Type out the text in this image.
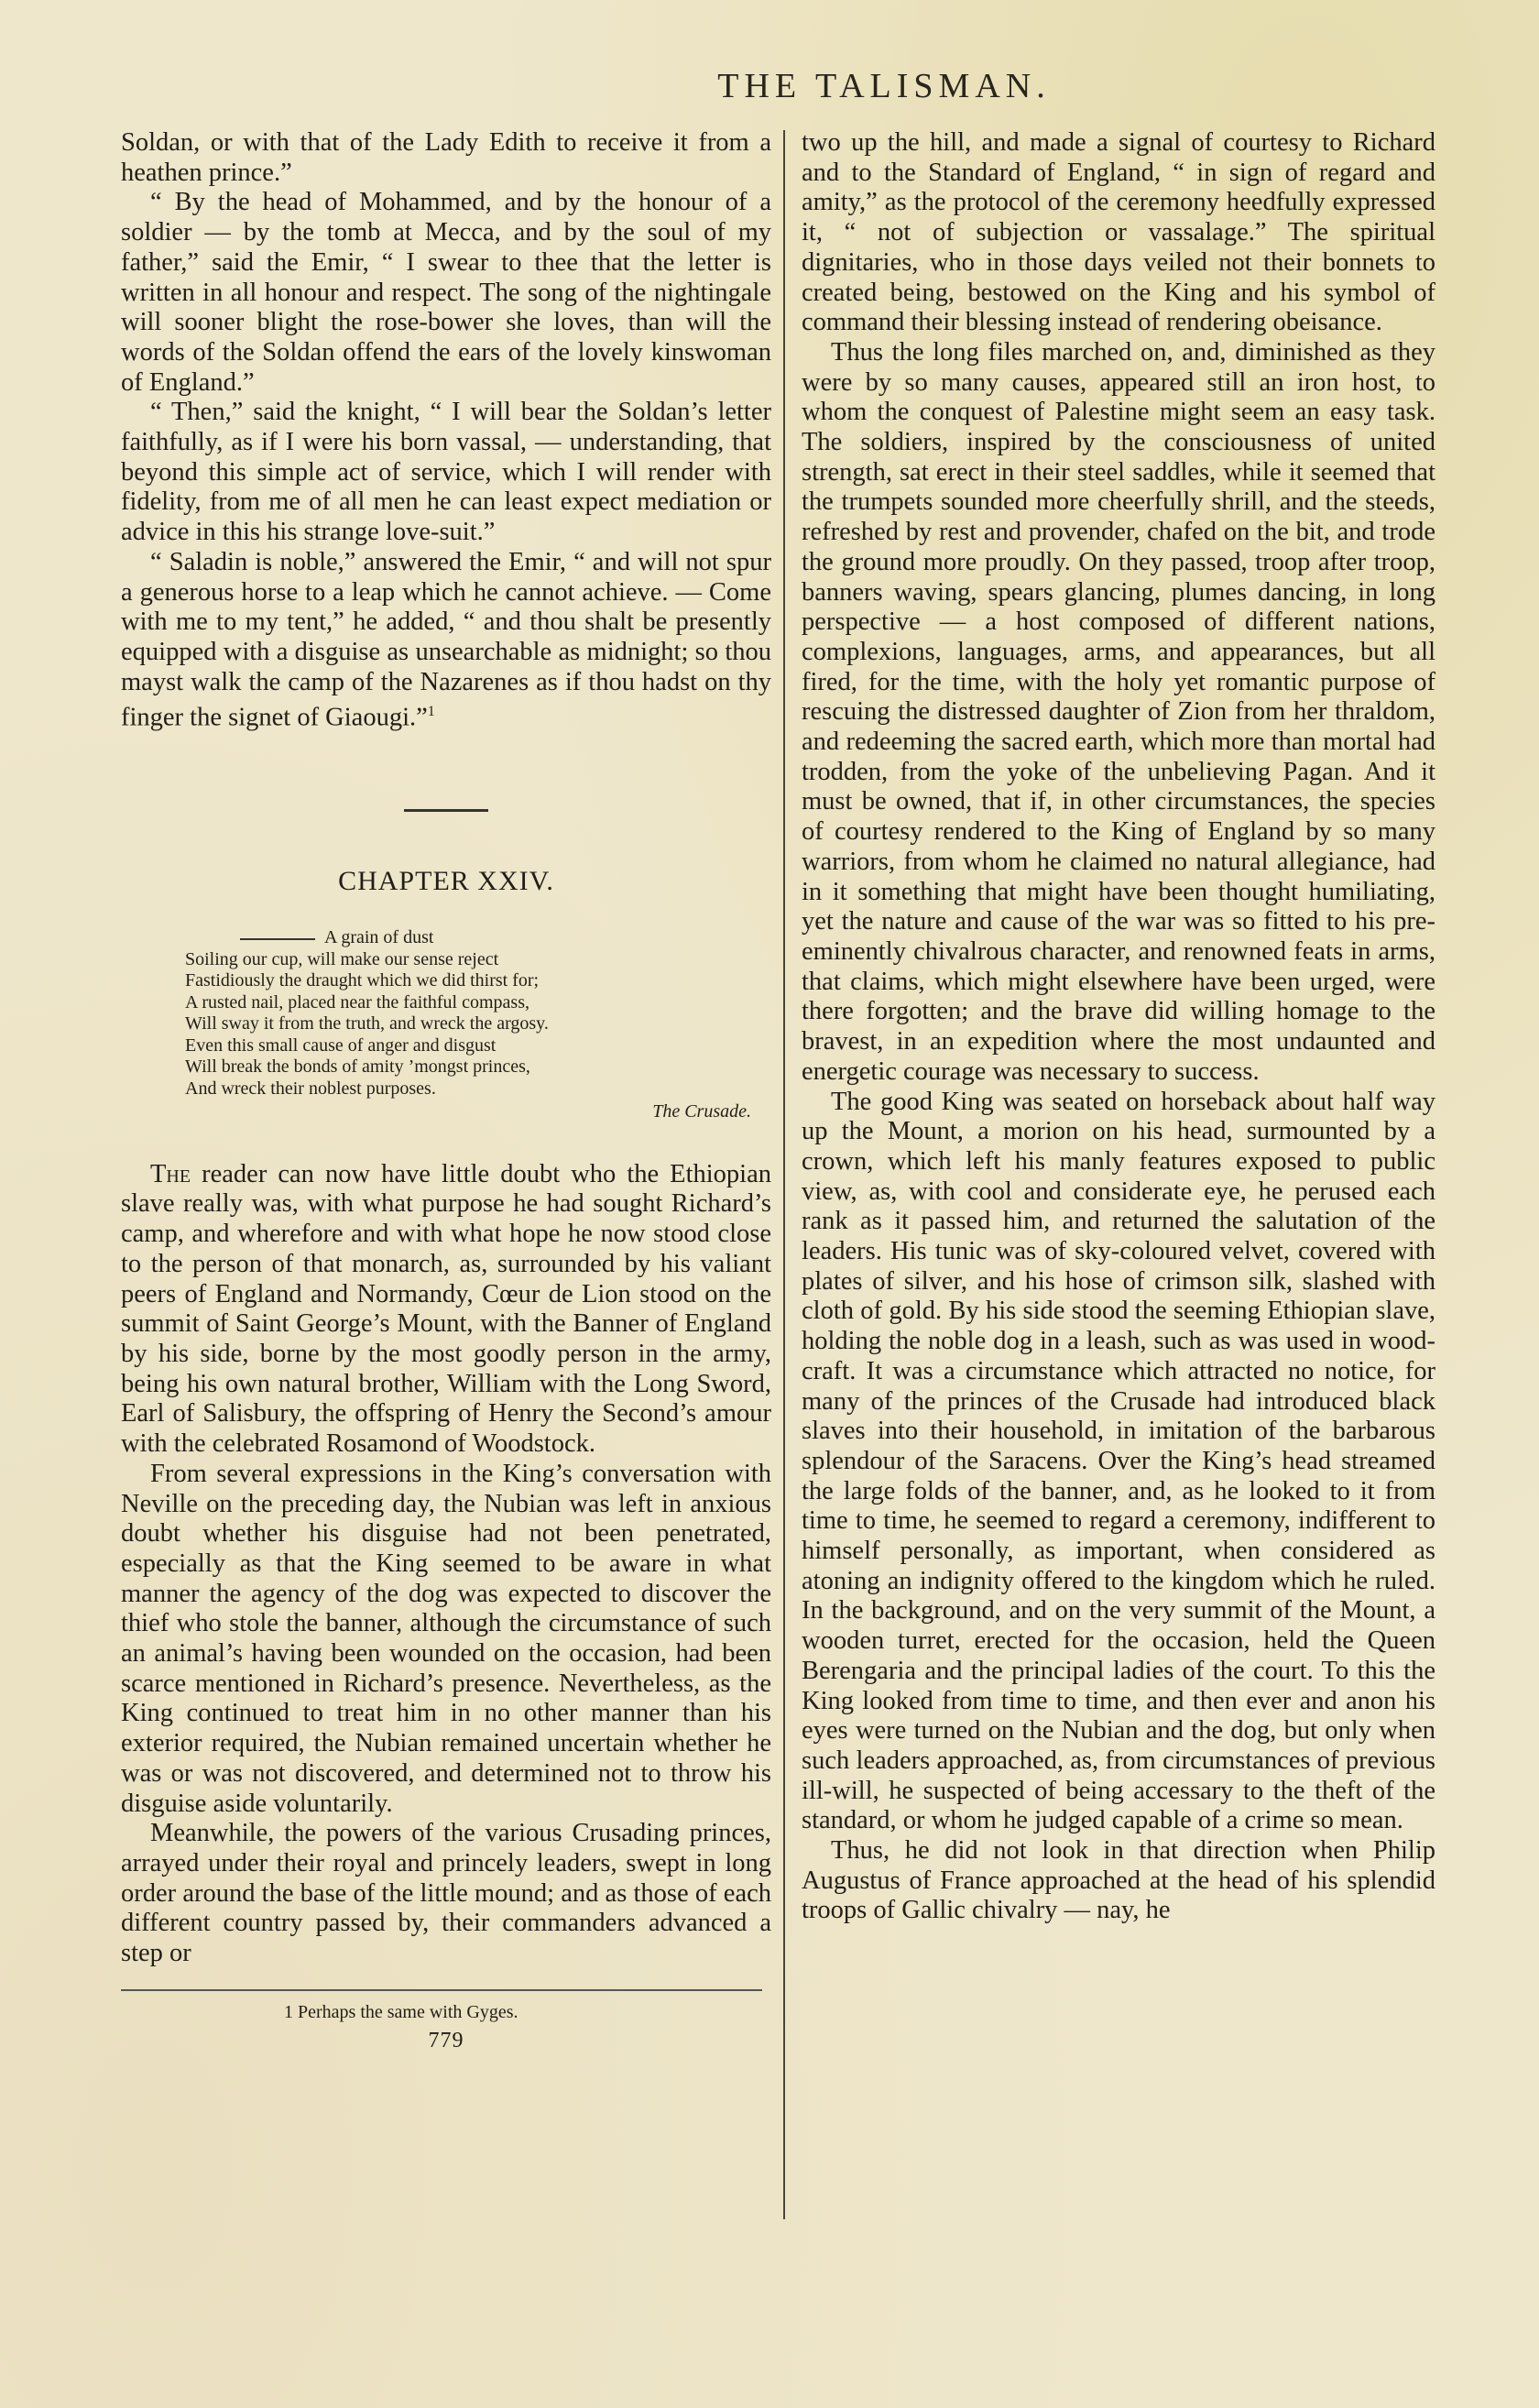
THE TALISMAN.

Soldan, or with that of the Lady Edith to receive it from a heathen prince.”

“ By the head of Mohammed, and by the honour of a soldier — by the tomb at Mecca, and by the soul of my father,” said the Emir, “ I swear to thee that the letter is written in all honour and respect. The song of the nightingale will sooner blight the rose-bower she loves, than will the words of the Soldan offend the ears of the lovely kinswoman of England.”

“ Then,” said the knight, “ I will bear the Soldan’s letter faithfully, as if I were his born vassal, — understanding, that beyond this simple act of service, which I will render with fidelity, from me of all men he can least expect mediation or advice in this his strange love-suit.”

“ Saladin is noble,” answered the Emir, “ and will not spur a generous horse to a leap which he cannot achieve. — Come with me to my tent,” he added, “ and thou shalt be presently equipped with a disguise as unsearchable as midnight; so thou mayst walk the camp of the Nazarenes as if thou hadst on thy finger the signet of Giaougi.”$^1$

CHAPTER XXIV.
A grain of dust
Soiling our cup, will make our sense reject
Fastidiously the draught which we did thirst for;
A rusted nail, placed near the faithful compass,
Will sway it from the truth, and wreck the argosy.
Even this small cause of anger and disgust
Will break the bonds of amity ’mongst princes,
And wreck their noblest purposes.
The Crusade.

The reader can now have little doubt who the Ethiopian slave really was, with what purpose he had sought Richard’s camp, and wherefore and with what hope he now stood close to the person of that monarch, as, surrounded by his valiant peers of England and Normandy, Cœur de Lion stood on the summit of Saint George’s Mount, with the Banner of England by his side, borne by the most goodly person in the army, being his own natural brother, William with the Long Sword, Earl of Salisbury, the offspring of Henry the Second’s amour with the celebrated Rosamond of Woodstock.

From several expressions in the King’s conversation with Neville on the preceding day, the Nubian was left in anxious doubt whether his disguise had not been penetrated, especially as that the King seemed to be aware in what manner the agency of the dog was expected to discover the thief who stole the banner, although the circumstance of such an animal’s having been wounded on the occasion, had been scarce mentioned in Richard’s presence. Nevertheless, as the King continued to treat him in no other manner than his exterior required, the Nubian remained uncertain whether he was or was not discovered, and determined not to throw his disguise aside voluntarily.

Meanwhile, the powers of the various Crusading princes, arrayed under their royal and princely leaders, swept in long order around the base of the little mound; and as those of each different country passed by, their commanders advanced a step or

1 Perhaps the same with Gyges.

779

two up the hill, and made a signal of courtesy to Richard and to the Standard of England, “ in sign of regard and amity,” as the protocol of the ceremony heedfully expressed it, “ not of subjection or vassalage.” The spiritual dignitaries, who in those days veiled not their bonnets to created being, bestowed on the King and his symbol of command their blessing instead of rendering obeisance.

Thus the long files marched on, and, diminished as they were by so many causes, appeared still an iron host, to whom the conquest of Palestine might seem an easy task. The soldiers, inspired by the consciousness of united strength, sat erect in their steel saddles, while it seemed that the trumpets sounded more cheerfully shrill, and the steeds, refreshed by rest and provender, chafed on the bit, and trode the ground more proudly. On they passed, troop after troop, banners waving, spears glancing, plumes dancing, in long perspective — a host composed of different nations, complexions, languages, arms, and appearances, but all fired, for the time, with the holy yet romantic purpose of rescuing the distressed daughter of Zion from her thraldom, and redeeming the sacred earth, which more than mortal had trodden, from the yoke of the unbelieving Pagan. And it must be owned, that if, in other circumstances, the species of courtesy rendered to the King of England by so many warriors, from whom he claimed no natural allegiance, had in it something that might have been thought humiliating, yet the nature and cause of the war was so fitted to his pre-eminently chivalrous character, and renowned feats in arms, that claims, which might elsewhere have been urged, were there forgotten; and the brave did willing homage to the bravest, in an expedition where the most undaunted and energetic courage was necessary to success.

The good King was seated on horseback about half way up the Mount, a morion on his head, surmounted by a crown, which left his manly features exposed to public view, as, with cool and considerate eye, he perused each rank as it passed him, and returned the salutation of the leaders. His tunic was of sky-coloured velvet, covered with plates of silver, and his hose of crimson silk, slashed with cloth of gold. By his side stood the seeming Ethiopian slave, holding the noble dog in a leash, such as was used in wood-craft. It was a circumstance which attracted no notice, for many of the princes of the Crusade had introduced black slaves into their household, in imitation of the barbarous splendour of the Saracens. Over the King’s head streamed the large folds of the banner, and, as he looked to it from time to time, he seemed to regard a ceremony, indifferent to himself personally, as important, when considered as atoning an indignity offered to the kingdom which he ruled. In the background, and on the very summit of the Mount, a wooden turret, erected for the occasion, held the Queen Berengaria and the principal ladies of the court. To this the King looked from time to time, and then ever and anon his eyes were turned on the Nubian and the dog, but only when such leaders approached, as, from circumstances of previous ill-will, he suspected of being accessary to the theft of the standard, or whom he judged capable of a crime so mean.

Thus, he did not look in that direction when Philip Augustus of France approached at the head of his splendid troops of Gallic chivalry — nay, he
